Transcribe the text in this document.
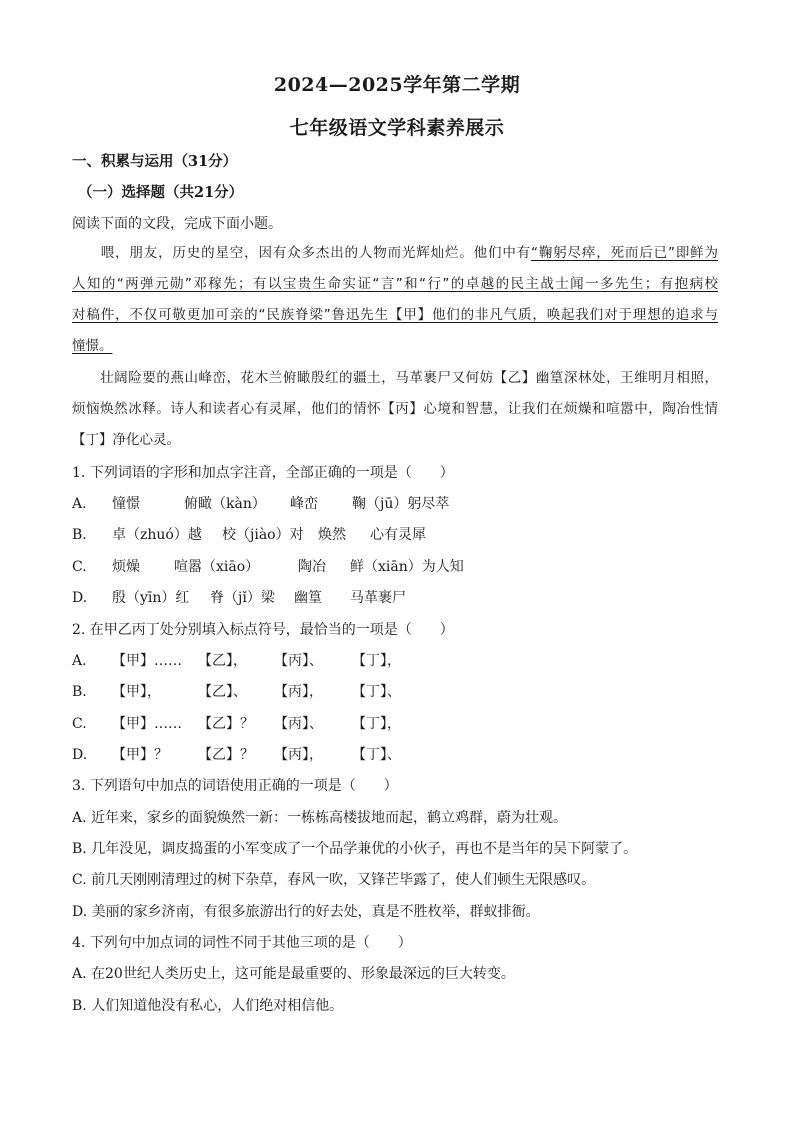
2024—2025学年第二学期
七年级语文学科素养展示
一、积累与运用（31分）
（一）选择题（共21分）
阅读下面的文段，完成下面小题。
　　喂，朋友，历史的星空，因有众多杰出的人物而光辉灿烂。他们中有“鞠躬尽瘁，死而后已”即鲜为
人知的“两弹元勋”邓稼先；有以宝贵生命实证“言”和“行”的卓越的民主战士闻一多先生；有抱病校
对稿件，不仅可敬更加可亲的“民族脊梁”鲁迅先生【甲】他们的非凡气质，唤起我们对于理想的追求与
憧憬。
　　壮阔险要的燕山峰峦，花木兰俯瞰殷红的疆土，马革裹尸又何妨【乙】幽篁深林处，王维明月相照，
烦恼焕然冰释。诗人和读者心有灵犀，他们的情怀【丙】心境和智慧，让我们在烦燥和喧嚣中，陶冶性情
【丁】净化心灵。
1. 下列词语的字形和加点字注音，全部正确的一项是（　　）
A. 憧憬	俯瞰（kàn） 峰峦 鞠（jū）躬尽萃
B. 卓（zhuó）越 校（jiào）对 焕然 心有灵犀
C. 烦燥 喧嚣（xiāo）	陶冶 鲜（xiān）为人知
D. 殷（yīn）红 脊（jǐ）梁 幽篁 马革裹尸
2. 在甲乙丙丁处分别填入标点符号，最恰当的一项是（　　）
A. 【甲】…… 【乙】， 【丙】、 【丁】，
B. 【甲】，	【乙】、 【丙】， 【丁】、
C. 【甲】…… 【乙】？ 【丙】、 【丁】，
D. 【甲】？ 【乙】？ 【丙】， 【丁】、
3. 下列语句中加点的词语使用正确的一项是（　　）
A. 近年来，家乡的面貌焕然一新：一栋栋高楼拔地而起，鹤立鸡群，蔚为壮观。
B. 几年没见，调皮捣蛋的小军变成了一个品学兼优的小伙子，再也不是当年的吴下阿蒙了。
C. 前几天刚刚清理过的树下杂草，春风一吹，又锋芒毕露了，使人们顿生无限感叹。
D. 美丽的家乡济南，有很多旅游出行的好去处，真是不胜枚举，群蚁排衙。
4. 下列句中加点词的词性不同于其他三项的是（　　）
A. 在20世纪人类历史上，这可能是最重要的、形象最深远的巨大转变。
B. 人们知道他没有私心，人们绝对相信他。
